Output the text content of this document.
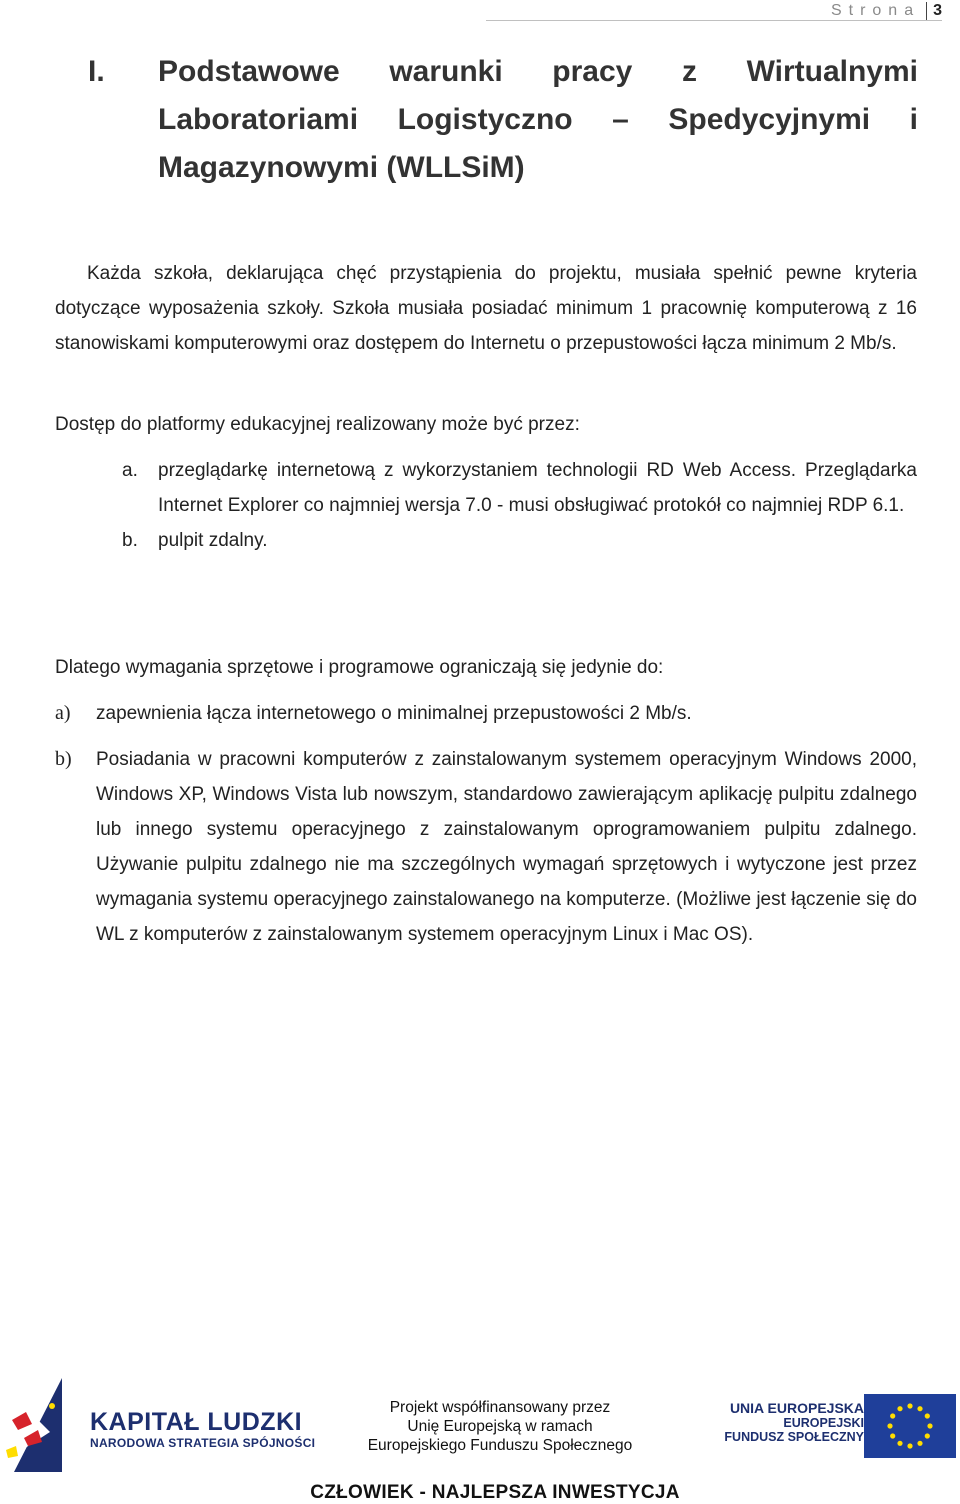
Strona 3
I. Podstawowe warunki pracy z Wirtualnymi Laboratoriami Logistyczno – Spedycyjnymi i Magazynowymi (WLLSiM)
Każda szkoła, deklarująca chęć przystąpienia do projektu, musiała spełnić pewne kryteria dotyczące wyposażenia szkoły. Szkoła musiała posiadać minimum 1 pracownię komputerową z 16 stanowiskami komputerowymi oraz dostępem do Internetu o przepustowości łącza minimum 2 Mb/s.
Dostęp do platformy edukacyjnej realizowany może być przez:
a. przeglądarkę internetową z wykorzystaniem technologii RD Web Access. Przeglądarka Internet Explorer co najmniej wersja 7.0 - musi obsługiwać protokół co najmniej RDP 6.1.
b. pulpit zdalny.
Dlatego wymagania sprzętowe i programowe ograniczają się jedynie do:
a) zapewnienia łącza internetowego o minimalnej przepustowości 2 Mb/s.
b) Posiadania w pracowni komputerów z zainstalowanym systemem operacyjnym Windows 2000, Windows XP, Windows Vista lub nowszym, standardowo zawierającym aplikację pulpitu zdalnego lub innego systemu operacyjnego z zainstalowanym oprogramowaniem pulpitu zdalnego. Używanie pulpitu zdalnego nie ma szczególnych wymagań sprzętowych i wytyczone jest przez wymagania systemu operacyjnego zainstalowanego na komputerze. (Możliwe jest łączenie się do WL z komputerów z zainstalowanym systemem operacyjnym Linux i Mac OS).
KAPITAŁ LUDZKI
NARODOWA STRATEGIA SPÓJNOŚCI
Projekt współfinansowany przez
Unię Europejską w ramach
Europejskiego Funduszu Społecznego
UNIA EUROPEJSKA
EUROPEJSKI
FUNDUSZ SPOŁECZNY
CZŁOWIEK - NAJLEPSZA INWESTYCJA
